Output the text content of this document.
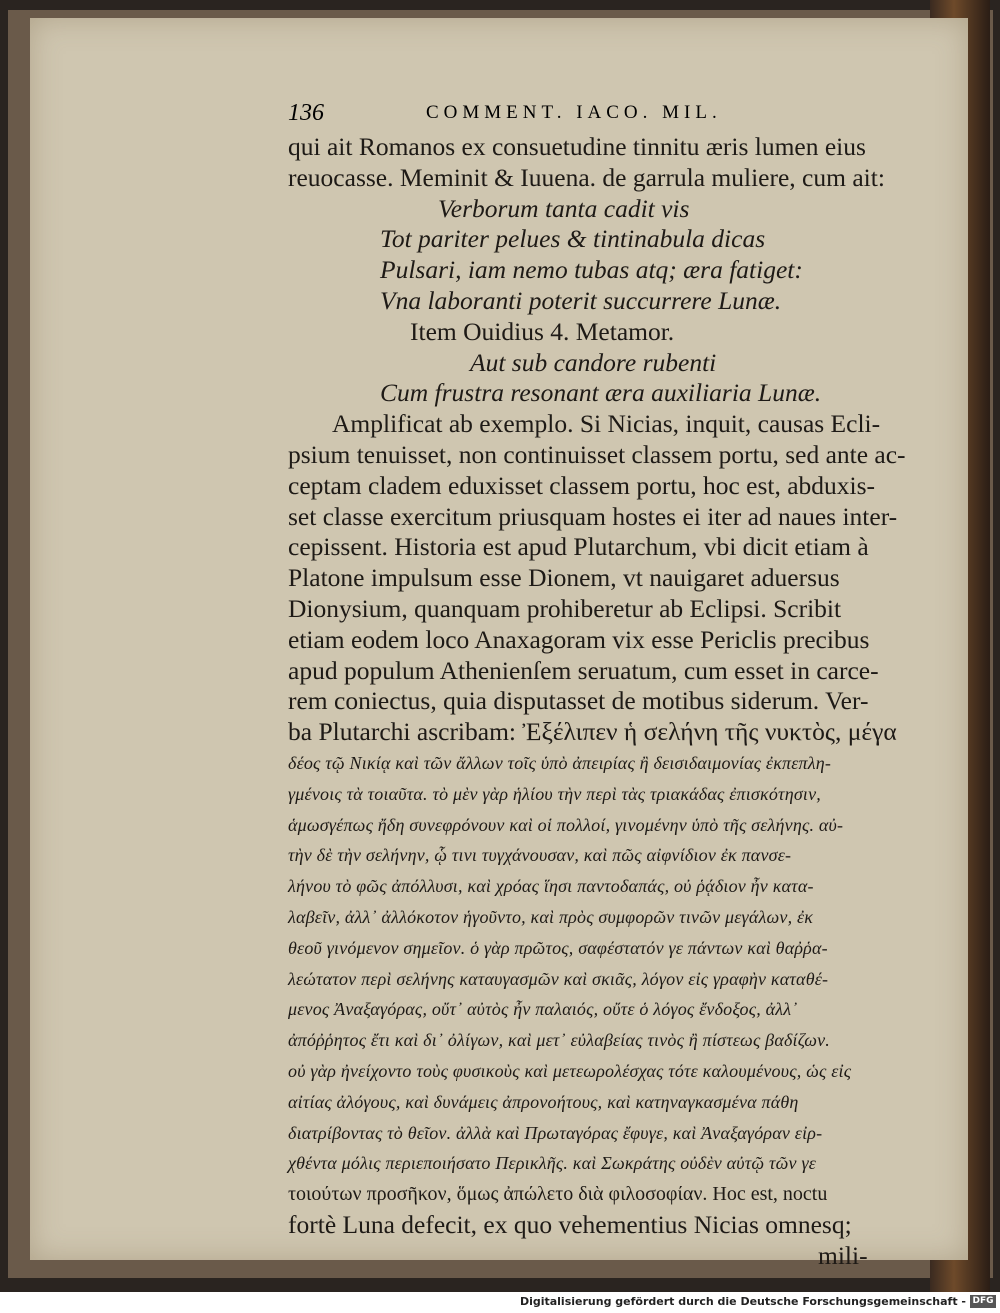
136	COMMENT. IACO. MIL.
qui ait Romanos ex consuetudine tinnitu æris lumen eius
reuocasse. Meminit & Iuuena. de garrula muliere, cum ait:
Verborum tanta cadit vis
Tot pariter pelues & tintinabula dicas
Pulsari, iam nemo tubas atq; æra fatiget:
Vna laboranti poterit succurrere Lunæ.
Item Ouidius 4. Metamor.
Aut sub candore rubenti
Cum frustra resonant æra auxiliaria Lunæ.
Amplificat ab exemplo. Si Nicias, inquit, causas Ecli-
psium tenuisset, non continuisset classem portu, sed ante ac-
ceptam cladem eduxisset classem portu, hoc est, abduxis-
set classe exercitum priusquam hostes ei iter ad naues inter-
cepissent. Historia est apud Plutarchum, vbi dicit etiam à
Platone impulsum esse Dionem, vt nauigaret aduersus
Dionysium, quanquam prohiberetur ab Eclipsi. Scribit
etiam eodem loco Anaxagoram vix esse Periclis precibus
apud populum Athenienſem seruatum, cum esset in carce-
rem coniectus, quia disputasset de motibus siderum. Ver-
ba Plutarchi ascribam: Ἐξέλιπεν ἡ σελήνη τῆς νυκτὸς, μέγα
δέος τῷ Νικίᾳ καὶ τῶν ἄλλων τοῖς ὑπὸ ἀπειρίας ἢ δεισιδαιμονίας ἐκπεπλη-
γμένοις τὰ τοιαῦτα. τὸ μὲν γὰρ ἡλίου τὴν περὶ τὰς τριακάδας ἐπισκότησιν,
ἁμωσγέπως ἤδη συνεφρόνουν καὶ οἱ πολλοί, γινομένην ὑπὸ τῆς σελήνης. αὐ-
τὴν δὲ τὴν σελήνην, ᾧ τινι τυγχάνουσαν, καὶ πῶς αἰφνίδιον ἐκ πανσε-
λήνου τὸ φῶς ἀπόλλυσι, καὶ χρόας ἵησι παντοδαπάς, οὐ ῥᾴδιον ἦν κατα-
λαβεῖν, ἀλλ᾽ ἀλλόκοτον ἡγοῦντο, καὶ πρὸς συμφορῶν τινῶν μεγάλων, ἐκ
θεοῦ γινόμενον σημεῖον. ὁ γὰρ πρῶτος, σαφέστατόν γε πάντων καὶ θαῤῥα-
λεώτατον περὶ σελήνης καταυγασμῶν καὶ σκιᾶς, λόγον εἰς γραφὴν καταθέ-
μενος Ἀναξαγόρας, οὔτ᾽ αὐτὸς ἦν παλαιός, οὔτε ὁ λόγος ἔνδοξος, ἀλλ᾽
ἀπόῤῥητος ἔτι καὶ δι᾽ ὀλίγων, καὶ μετ᾽ εὐλαβείας τινὸς ἢ πίστεως βαδίζων.
οὐ γὰρ ἠνείχοντο τοὺς φυσικοὺς καὶ μετεωρολέσχας τότε καλουμένους, ὡς εἰς
αἰτίας ἀλόγους, καὶ δυνάμεις ἀπρονοήτους, καὶ κατηναγκασμένα πάθη
διατρίβοντας τὸ θεῖον. ἀλλὰ καὶ Πρωταγόρας ἔφυγε, καὶ Ἀναξαγόραν εἰρ-
χθέντα μόλις περιεποιήσατο Περικλῆς. καὶ Σωκράτης οὐδὲν αὐτῷ τῶν γε
τοιούτων προσῆκον, ὅμως ἀπώλετο διὰ φιλοσοφίαν. Hoc est, noctu
fortè Luna defecit, ex quo vehementius Nicias omnesq;
mili-
Digitalisierung gefördert durch die Deutsche Forschungsgemeinschaft - DFG
